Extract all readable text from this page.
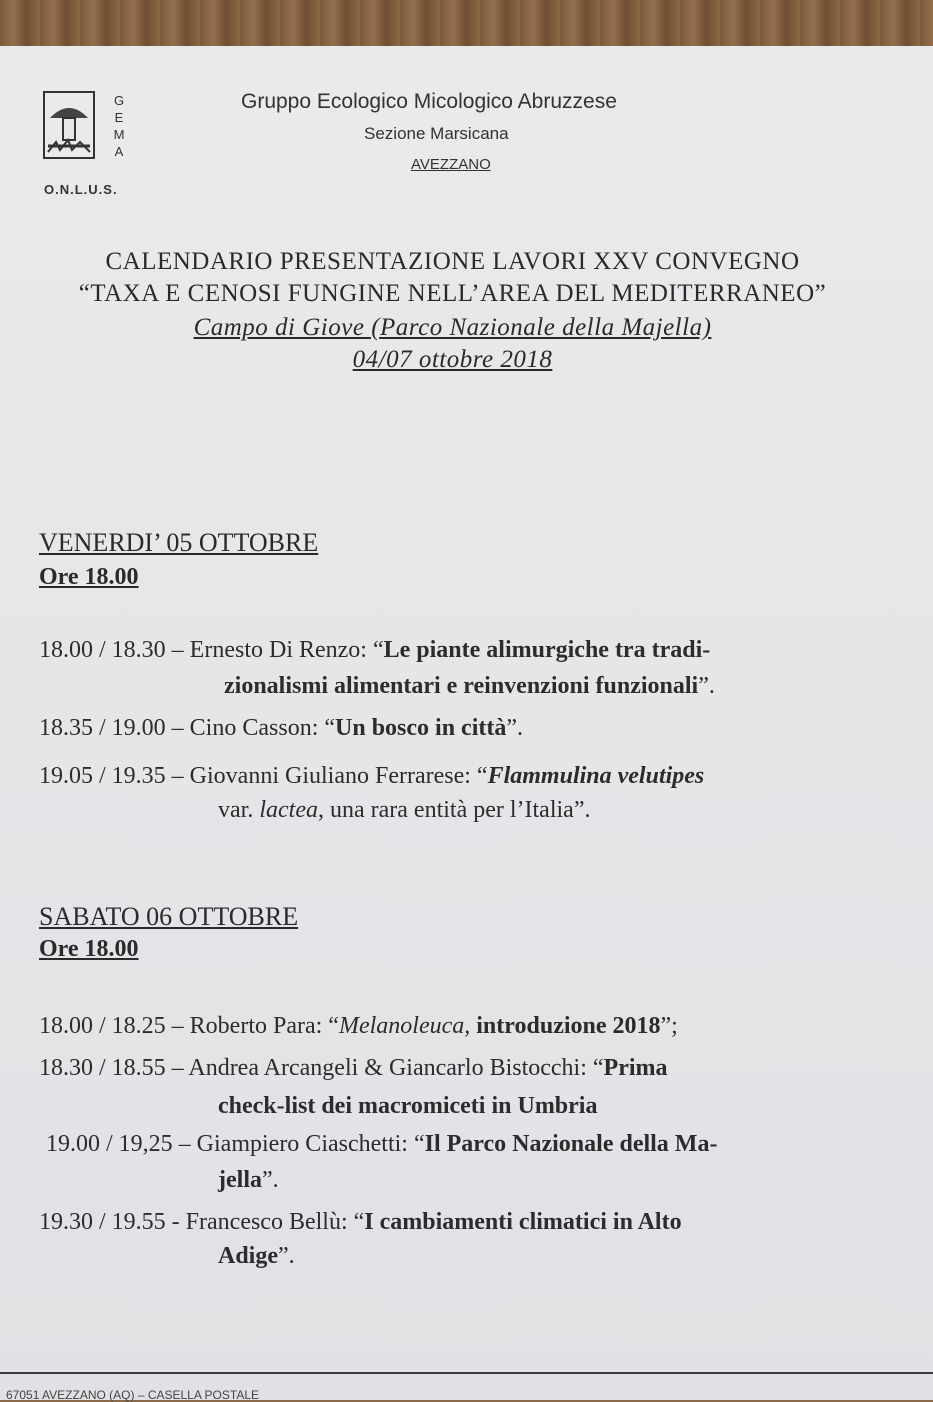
G
E
M
A
O.N.L.U.S.
Gruppo Ecologico Micologico Abruzzese
Sezione Marsicana
AVEZZANO
CALENDARIO PRESENTAZIONE LAVORI XXV CONVEGNO
“TAXA E CENOSI FUNGINE NELL’AREA DEL MEDITERRANEO”
Campo di Giove (Parco Nazionale della Majella)
04/07 ottobre 2018
VENERDI’ 05 OTTOBRE
Ore 18.00
18.00 / 18.30 – Ernesto Di Renzo: “Le piante alimurgiche tra tradi-
zionalismi alimentari e reinvenzioni funzionali”.
18.35 / 19.00 – Cino Casson: “Un bosco in città”.
19.05 / 19.35 – Giovanni Giuliano Ferrarese: “Flammulina velutipes
var. lactea, una rara entità per l’Italia”.
SABATO 06 OTTOBRE
Ore 18.00
18.00 / 18.25 – Roberto Para: “Melanoleuca, introduzione 2018”;
18.30 / 18.55 – Andrea Arcangeli & Giancarlo Bistocchi: “Prima
check-list dei macromiceti in Umbria
19.00 / 19,25 – Giampiero Ciaschetti: “Il Parco Nazionale della Ma-
jella”.
19.30 / 19.55 - Francesco Bellù: “I cambiamenti climatici in Alto
Adige”.
67051 AVEZZANO (AQ) – CASELLA POSTALE
